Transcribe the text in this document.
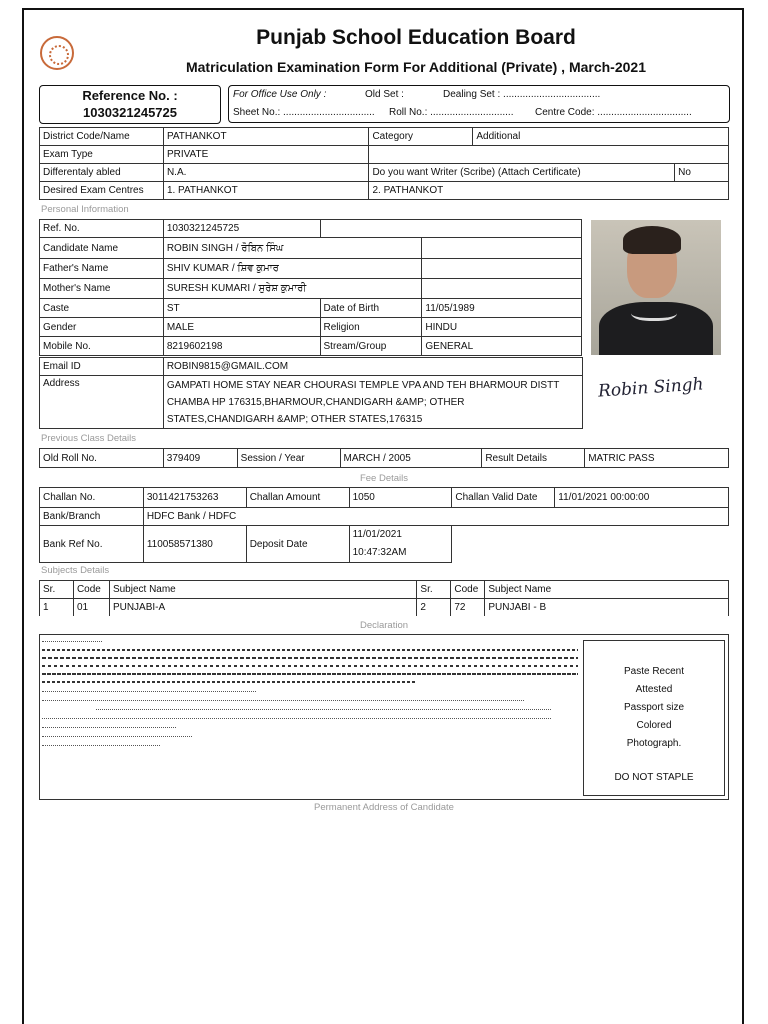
Punjab School Education Board
Matriculation Examination Form For Additional (Private) , March-2021
Reference No. :
1030321245725
For Office Use Only :	Old Set :	Dealing Set : ...................................
Sheet No.: ................................. Roll No.: .............................. Centre Code: ..................................
District Code/Name	PATHANKOT	Category	Additional	
Exam Type	PRIVATE			
Differentaly abled	N.A.	Do you want Writer (Scribe) (Attach Certificate)		No
Desired Exam Centres	1. PATHANKOT	2. PATHANKOT		
Personal Information
Ref. No.	1030321245725		
Candidate Name	ROBIN SINGH / ਰੋਬਿਨ ਸਿੰਘ		
Father's Name	SHIV KUMAR / ਸ਼ਿਵ ਕੁਮਾਰ		
Mother's Name	SURESH KUMARI / ਸੁਰੇਸ਼ ਕੁਮਾਰੀ		
Caste	ST	Date of Birth	11/05/1989
Gender	MALE	Religion	HINDU
Mobile No.	8219602198	Stream/Group	GENERAL
Email ID	ROBIN9815@GMAIL.COM	
Address	GAMPATI HOME STAY NEAR CHOURASI TEMPLE VPA AND TEH BHARMOUR DISTT
CHAMBA HP 176315,BHARMOUR,CHANDIGARH &AMP; OTHER
STATES,CHANDIGARH &AMP; OTHER STATES,176315	
Robin Singh
Previous Class Details
Old Roll No.	379409	Session / Year	MARCH / 2005	Result Details	MATRIC PASS
Fee Details
Challan No.	3011421753263	Challan Amount	1050	Challan Valid Date	11/01/2021 00:00:00
Bank/Branch	HDFC Bank / HDFC				
Bank Ref No.	110058571380	Deposit Date	11/01/2021
10:47:32AM		

Subjects Details
Sr.	Code	Subject Name	Sr.	Code	Subject Name
1	01	PUNJABI-A	2	72	PUNJABI - B
Declaration
Paste Recent
Attested
Passport size
Colored
Photograph.
DO NOT STAPLE
Permanent Address of Candidate
